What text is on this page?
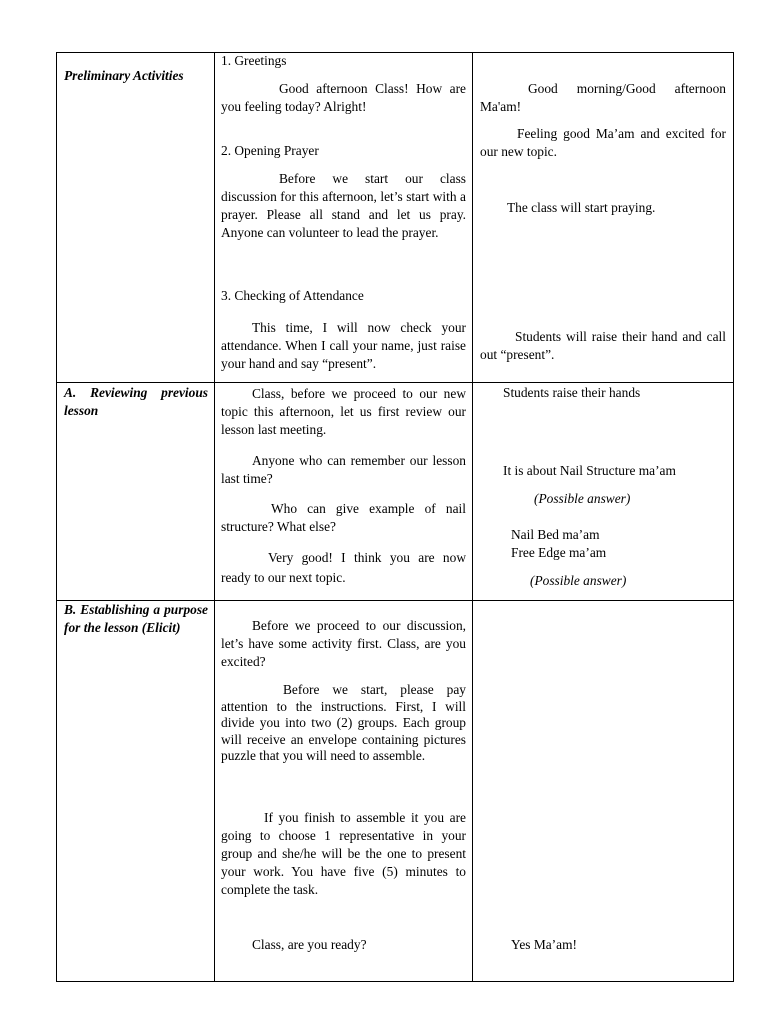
Preliminary Activities
1. Greetings
Good afternoon Class! How are you feeling today? Alright!
Good morning/Good afternoon Ma'am!
Feeling good Ma’am and excited for our new topic.
2. Opening Prayer
Before we start our class discussion for this afternoon, let’s start with a prayer. Please all stand and let us pray. Anyone can volunteer to lead the prayer.
The class will start praying.
3. Checking of Attendance
This time, I will now check your attendance. When I call your name, just raise your hand and say “present”.
Students will raise their hand and call out “present”.
A. Reviewing previous lesson
Class, before we proceed to our new topic this afternoon, let us first review our lesson last meeting.
Anyone who can remember our lesson last time?
Who can give example of nail structure? What else?
Very good! I think you are now ready to our next topic.
Students raise their hands
It is about Nail Structure ma’am
(Possible answer)
Nail Bed ma’am
Free Edge ma’am
(Possible answer)
B. Establishing a purpose for the lesson (Elicit)	Before we proceed to our discussion, let’s have some activity first. Class, are you excited?
Before we start, please pay attention to the instructions. First, I will divide you into two (2) groups. Each group will receive an envelope containing pictures puzzle that you will need to assemble.
If you finish to assemble it you are going to choose 1 representative in your group and she/he will be the one to present your work. You have five (5) minutes to complete the task.
Class, are you ready?	Yes Ma’am!
